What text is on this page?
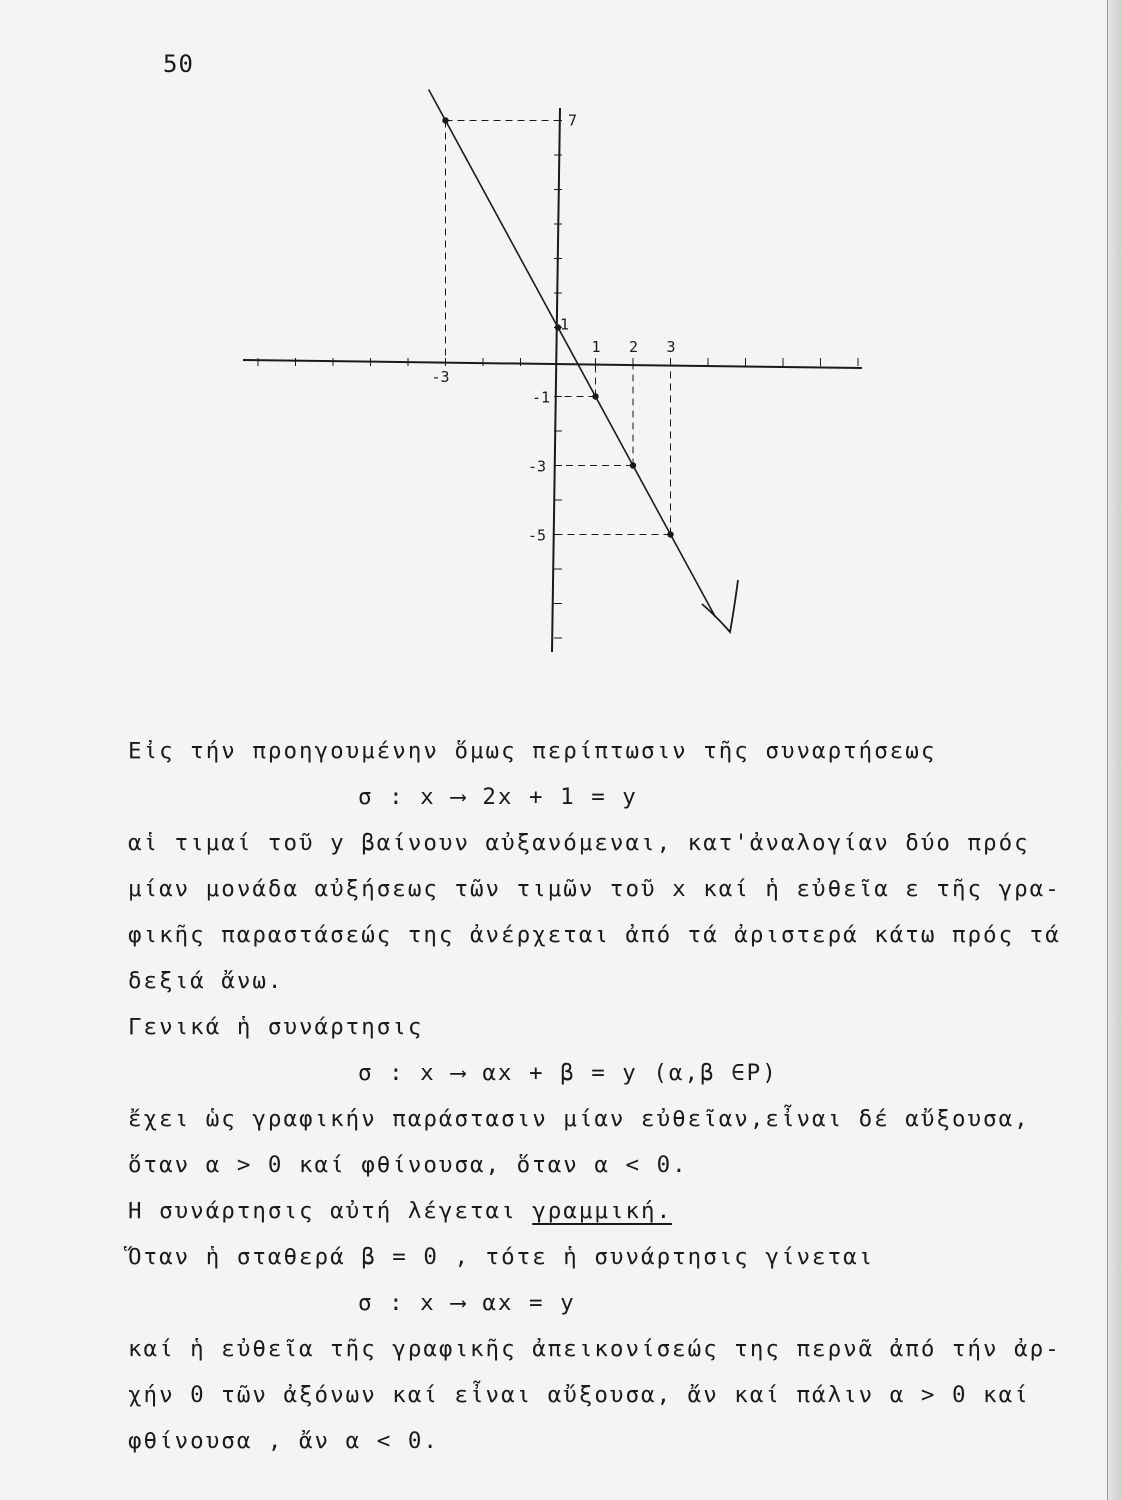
50
-3
1 2 3
7
1
-1
-3
-5
Εἰς τήν προηγουμένην ὅμως περίπτωσιν τῆς συναρτήσεως
σ : x ⟶ 2x + 1 = y
αἱ τιμαί τοῦ y βαίνουν αὐξανόμεναι, κατ'ἀναλογίαν δύο πρός
μίαν μονάδα αὐξήσεως τῶν τιμῶν τοῦ x καί ἡ εὐθεῖα ε τῆς γρα-
φικῆς παραστάσεώς της ἀνέρχεται ἀπό τά ἀριστερά κάτω πρός τά
δεξιά ἄνω.
Γενικά ἡ συνάρτησις
σ : x ⟶ αx + β = y (α,β ∈P)
ἔχει ὡς γραφικήν παράστασιν μίαν εὐθεῖαν,εἶναι δέ αὔξουσα,
ὅταν α > 0 καί φθίνουσα, ὅταν α < 0.
Η συνάρτησις αὐτή λέγεται γραμμική.
Ὅταν ἡ σταθερά β = 0 , τότε ἡ συνάρτησις γίνεται
σ : x ⟶ αx = y
καί ἡ εὐθεῖα τῆς γραφικῆς ἀπεικονίσεώς της περνᾶ ἀπό τήν ἀρ-
χήν 0 τῶν ἀξόνων καί εἶναι αὔξουσα, ἄν καί πάλιν α > 0 καί
φθίνουσα , ἄν α < 0.
